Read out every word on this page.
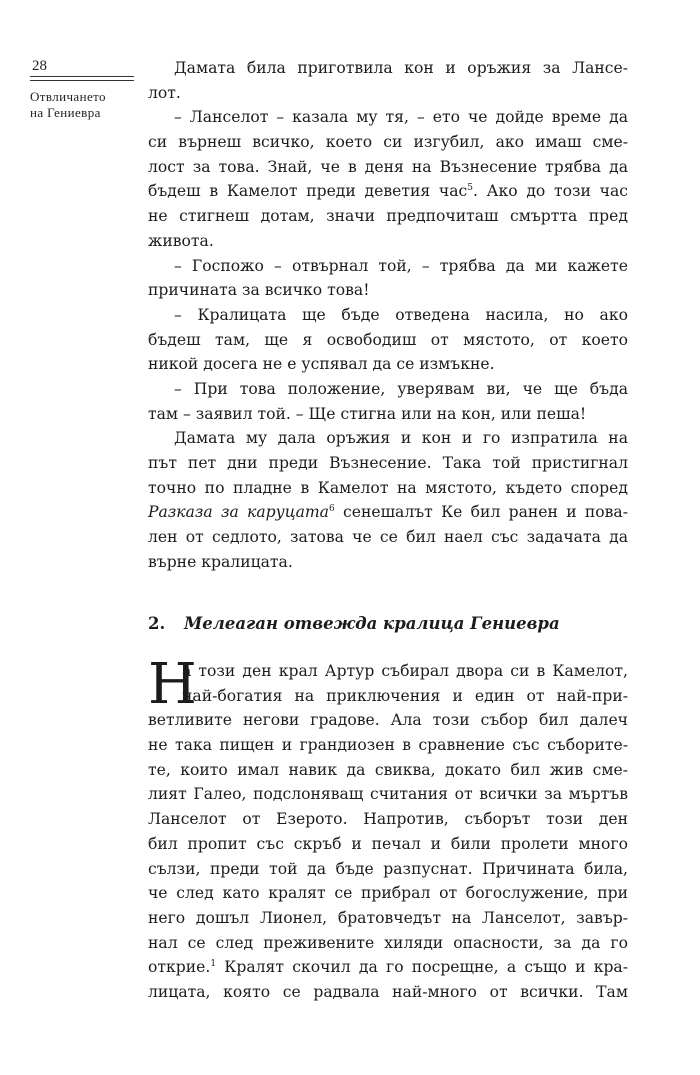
28
Отвличането
на Гениевра
Дамата била приготвила кон и оръжия за Лансе-
лот.
– Ланселот – казала му тя, – ето че дойде време да
си върнеш всичко, което си изгубил, ако имаш сме-
лост за това. Знай, че в деня на Възнесение трябва да
бъдеш в Камелот преди деветия час$^5$. Ако до този час
не стигнеш дотам, значи предпочиташ смъртта пред
живота.
– Госпожо – отвърнал той, – трябва да ми кажете
причината за всичко това!
– Кралицата ще бъде отведена насила, но ако
бъдеш там, ще я освободиш от мястото, от което
никой досега не е успявал да се измъкне.
– При това положение, уверявам ви, че ще бъда
там – заявил той. – Ще стигна или на кон, или пеша!
Дамата му дала оръжия и кон и го изпратила на
път пет дни преди Възнесение. Така той пристигнал
точно по пладне в Камелот на мястото, където според
Разказа за каруцата$^6$ сенешалът Ке бил ранен и пова-
лен от седлото, затова че се бил наел със задачата да
върне кралицата.
2. Мелеаган отвежда кралица Гениевра
Н
а този ден крал Артур събирал двора си в Камелот,
най-богатия на приключения и един от най-при-
ветливите негови градове. Ала този събор бил далеч
не така пищен и грандиозен в сравнение със съборите-
те, които имал навик да свиква, докато бил жив сме-
лият Галео, подслоняващ считания от всички за мъртъв
Ланселот от Езерото. Напротив, съборът този ден
бил пропит със скръб и печал и били пролети много
сълзи, преди той да бъде разпуснат. Причината била,
че след като кралят се прибрал от богослужение, при
него дошъл Лионел, братовчедът на Ланселот, завър-
нал се след преживените хиляди опасности, за да го
открие.$^1$ Кралят скочил да го посрещне, а също и кра-
лицата, която се радвала най-много от всички. Там
